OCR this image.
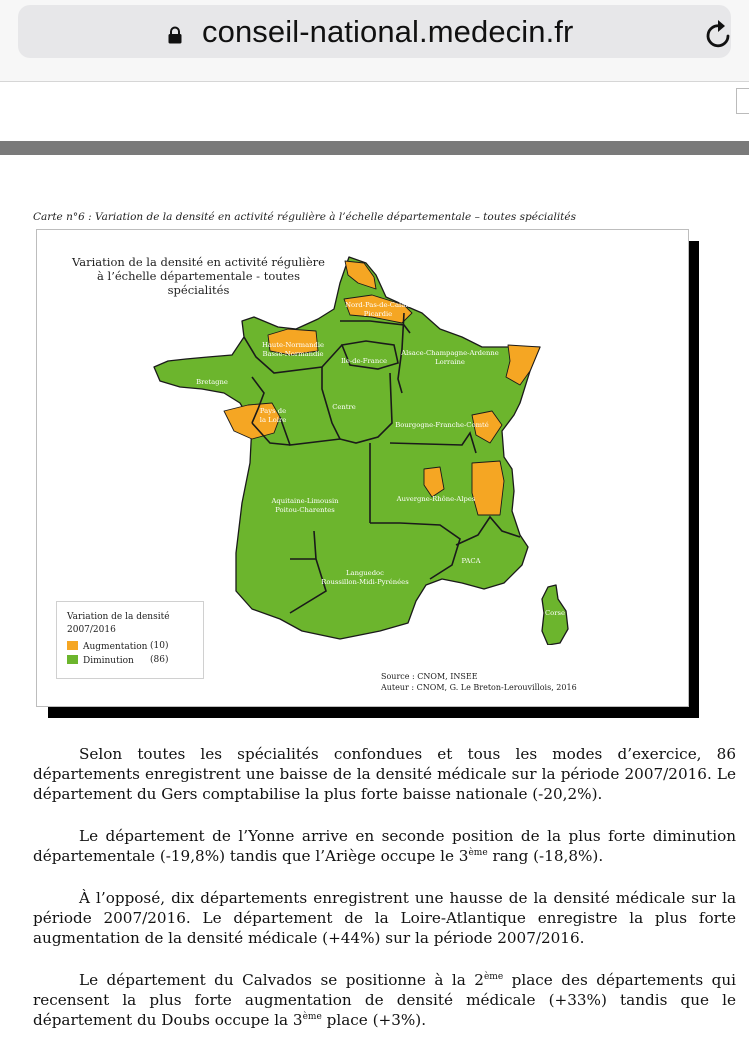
conseil-national.medecin.fr
Carte n°6 : Variation de la densité en activité régulière à l’échelle départementale – toutes spécialités
Variation de la densité en activité régulière
à l’échelle départementale - toutes spécialités
Nord-Pas-de-Calais
Picardie
Haute-Normandie
Basse-Normandie
Ile-de-France
Alsace-Champagne-Ardenne
Lorraine
Bretagne
Centre
Pays de
la Loire
Bourgogne-Franche-Comté
Aquitaine-Limousin
Poitou-Charentes
Auvergne-Rhône-Alpes
Languedoc
Roussillon-Midi-Pyrénées
PACA
Corse
Variation de la densité
2007/2016
Augmentation (10)
Diminution (86)
Source : CNOM, INSEE
Auteur : CNOM, G. Le Breton-Lerouvillois, 2016

Selon toutes les spécialités confondues et tous les modes d’exercice, 86 départements enregistrent une baisse de la densité médicale sur la période 2007/2016. Le département du Gers comptabilise la plus forte baisse nationale (-20,2%).

Le département de l’Yonne arrive en seconde position de la plus forte diminution départementale (-19,8%) tandis que l’Ariège occupe le 3ème rang (-18,8%).

À l’opposé, dix départements enregistrent une hausse de la densité médicale sur la période 2007/2016. Le département de la Loire-Atlantique enregistre la plus forte augmentation de la densité médicale (+44%) sur la période 2007/2016.

Le département du Calvados se positionne à la 2ème place des départements qui recensent la plus forte augmentation de densité médicale (+33%) tandis que le département du Doubs occupe la 3ème place (+3%).
